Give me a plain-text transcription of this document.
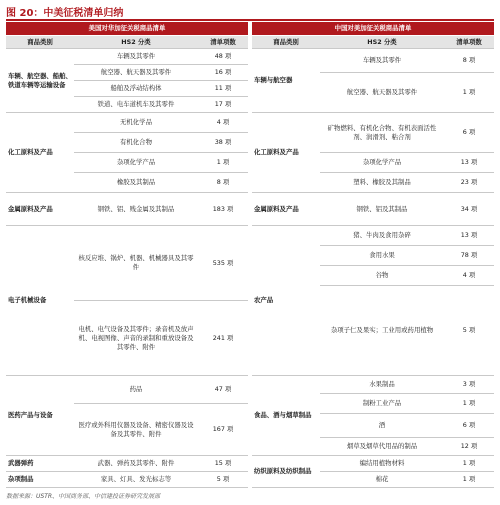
图 20：中美征税清单归纳
美国对华加征关税商品清单		
商品类别	HS2 分类	清单项数
车辆、航空器、船舶、铁道车辆等运输设备	车辆及其零件	48 项
	航空器、航天器及其零件	16 项
	船舶及浮动结构体	11 项
	铁道、电车道机车及其零件	17 项
化工原料及产品	无机化学品	4 项
	有机化合物	38 项
	杂项化学产品	1 项
	橡胶及其制品	8 项
金属原料及产品	钢铁、铝、贱金属及其制品	183 项
电子机械设备	核反应堆、锅炉、机器、机械器具及其零件	535 项
	电机、电气设备及其零件；录音机及放声机、电视图像、声音的录制和重放设备及其零件、附件	241 项
医药产品与设备	药品	47 项
	医疗或外科用仪器及设备、精密仪器及设备及其零件、附件	167 项
武器弹药	武器、弹药及其零件、附件	15 项
杂项制品	家具、灯具、发光标志等	5 项
中国对美加征关税商品清单		
商品类别	HS2 分类	清单项数
车辆与航空器	车辆及其零件	8 项
	航空器、航天器及其零件	1 项
化工原料及产品	矿物燃料、有机化合物、有机表面活性剂、润滑剂、粘合剂	6 项
	杂项化学产品	13 项
	塑料、橡胶及其制品	23 项
金属原料及产品	钢铁、铝及其制品	34 项
农产品	猪、牛肉及食用杂碎	13 项
	食用水果	78 项
	谷物	4 项
	杂项子仁及果实；工业用或药用植物	5 项
食品、酒与烟草制品	水果制品	3 项
	制粉工业产品	1 项
	酒	6 项
	烟草及烟草代用品的制品	12 项
纺织原料及纺织制品	编结用植物材料	1 项
	棉花	1 项
数据来源：USTR、中国商务部、中信建投证券研究发展部
